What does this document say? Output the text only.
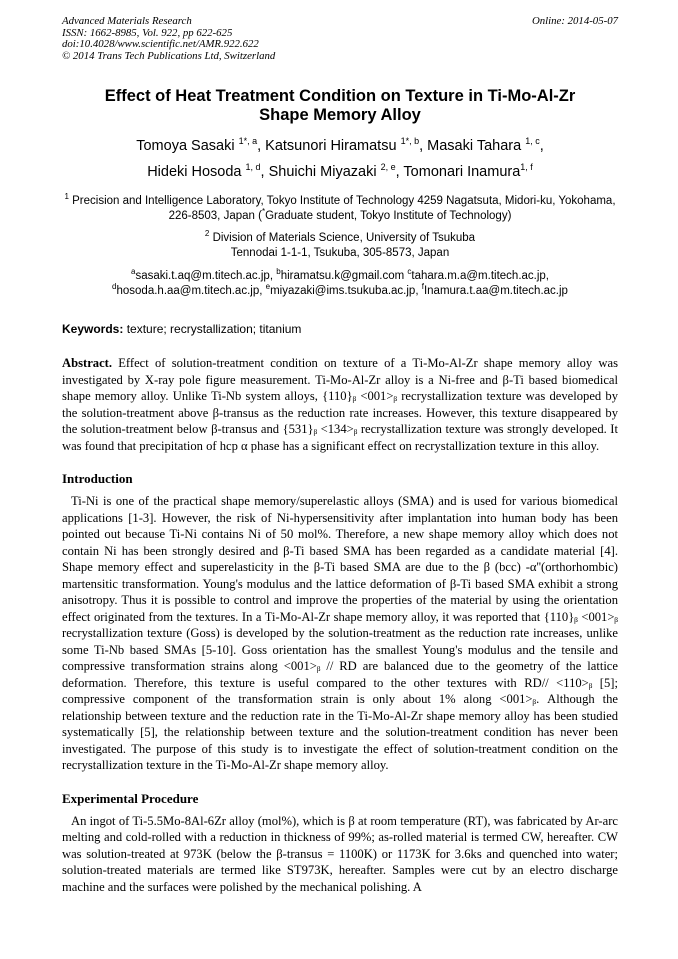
Advanced Materials Research
ISSN: 1662-8985, Vol. 922, pp 622-625
doi:10.4028/www.scientific.net/AMR.922.622
© 2014 Trans Tech Publications Ltd, Switzerland
Online: 2014-05-07
Effect of Heat Treatment Condition on Texture in Ti-Mo-Al-Zr
Shape Memory Alloy
Tomoya Sasaki $^{1*, a}$, Katsunori Hiramatsu $^{1*, b}$, Masaki Tahara $^{1, c}$,
Hideki Hosoda $^{1, d}$, Shuichi Miyazaki $^{2, e}$, Tomonari Inamura$^{1, f}$
$^1$ Precision and Intelligence Laboratory, Tokyo Institute of Technology 4259 Nagatsuta, Midori-ku, Yokohama, 226-8503, Japan (*Graduate student, Tokyo Institute of Technology)
$^2$ Division of Materials Science, University of Tsukuba
Tennodai 1-1-1, Tsukuba, 305-8573, Japan
$^a$sasaki.t.aq@m.titech.ac.jp, $^b$hiramatsu.k@gmail.com $^c$tahara.m.a@m.titech.ac.jp,
$^d$hosoda.h.aa@m.titech.ac.jp, $^e$miyazaki@ims.tsukuba.ac.jp, $^f$Inamura.t.aa@m.titech.ac.jp
Keywords: texture; recrystallization; titanium
Abstract. Effect of solution-treatment condition on texture of a Ti-Mo-Al-Zr shape memory alloy was investigated by X-ray pole figure measurement. Ti-Mo-Al-Zr alloy is a Ni-free and β-Ti based biomedical shape memory alloy. Unlike Ti-Nb system alloys, {110}ᵦ <001>ᵦ recrystallization texture was developed by the solution-treatment above β-transus as the reduction rate increases. However, this texture disappeared by the solution-treatment below β-transus and {531}ᵦ <134>ᵦ recrystallization texture was strongly developed. It was found that precipitation of hcp α phase has a significant effect on recrystallization texture in this alloy.
Introduction
Ti-Ni is one of the practical shape memory/superelastic alloys (SMA) and is used for various biomedical applications [1-3]. However, the risk of Ni-hypersensitivity after implantation into human body has been pointed out because Ti-Ni contains Ni of 50 mol%. Therefore, a new shape memory alloy which does not contain Ni has been strongly desired and β-Ti based SMA has been regarded as a candidate material [4]. Shape memory effect and superelasticity in the β-Ti based SMA are due to the β (bcc) -α''(orthorhombic) martensitic transformation. Young's modulus and the lattice deformation of β-Ti based SMA exhibit a strong anisotropy. Thus it is possible to control and improve the properties of the material by using the orientation effect originated from the textures. In a Ti-Mo-Al-Zr shape memory alloy, it was reported that {110}ᵦ <001>ᵦ recrystallization texture (Goss) is developed by the solution-treatment as the reduction rate increases, unlike some Ti-Nb based SMAs [5-10]. Goss orientation has the smallest Young's modulus and the tensile and compressive transformation strains along <001>ᵦ // RD are balanced due to the geometry of the lattice deformation. Therefore, this texture is useful compared to the other textures with RD// <110>ᵦ [5]; compressive component of the transformation strain is only about 1% along <001>ᵦ. Although the relationship between texture and the reduction rate in the Ti-Mo-Al-Zr shape memory alloy has been studied systematically [5], the relationship between texture and the solution-treatment condition has never been investigated. The purpose of this study is to investigate the effect of solution-treatment condition on the recrystallization texture in the Ti-Mo-Al-Zr shape memory alloy.
Experimental Procedure
An ingot of Ti-5.5Mo-8Al-6Zr alloy (mol%), which is β at room temperature (RT), was fabricated by Ar-arc melting and cold-rolled with a reduction in thickness of 99%; as-rolled material is termed CW, hereafter. CW was solution-treated at 973K (below the β-transus = 1100K) or 1173K for 3.6ks and quenched into water; solution-treated materials are termed like ST973K, hereafter. Samples were cut by an electro discharge machine and the surfaces were polished by the mechanical polishing. A
